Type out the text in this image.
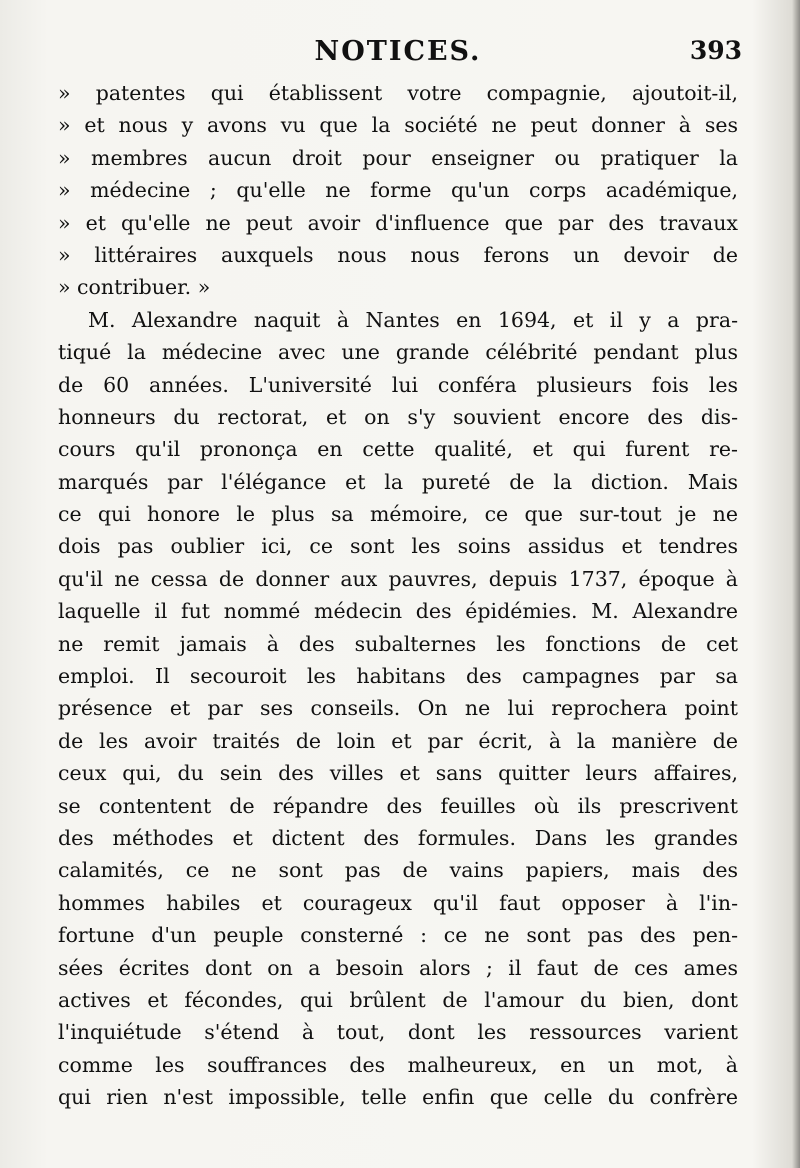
NOTICES.	393
» patentes qui établissent votre compagnie, ajoutoit-il,
» et nous y avons vu que la société ne peut donner à ses
» membres aucun droit pour enseigner ou pratiquer la
» médecine ; qu'elle ne forme qu'un corps académique,
» et qu'elle ne peut avoir d'influence que par des travaux
» littéraires auxquels nous nous ferons un devoir de
» contribuer. »
M. Alexandre naquit à Nantes en 1694, et il y a pra-
tiqué la médecine avec une grande célébrité pendant plus
de 60 années. L'université lui conféra plusieurs fois les
honneurs du rectorat, et on s'y souvient encore des dis-
cours qu'il prononça en cette qualité, et qui furent re-
marqués par l'élégance et la pureté de la diction. Mais
ce qui honore le plus sa mémoire, ce que sur-tout je ne
dois pas oublier ici, ce sont les soins assidus et tendres
qu'il ne cessa de donner aux pauvres, depuis 1737, époque à
laquelle il fut nommé médecin des épidémies. M. Alexandre
ne remit jamais à des subalternes les fonctions de cet
emploi. Il secouroit les habitans des campagnes par sa
présence et par ses conseils. On ne lui reprochera point
de les avoir traités de loin et par écrit, à la manière de
ceux qui, du sein des villes et sans quitter leurs affaires,
se contentent de répandre des feuilles où ils prescrivent
des méthodes et dictent des formules. Dans les grandes
calamités, ce ne sont pas de vains papiers, mais des
hommes habiles et courageux qu'il faut opposer à l'in-
fortune d'un peuple consterné : ce ne sont pas des pen-
sées écrites dont on a besoin alors ; il faut de ces ames
actives et fécondes, qui brûlent de l'amour du bien, dont
l'inquiétude s'étend à tout, dont les ressources varient
comme les souffrances des malheureux, en un mot, à
qui rien n'est impossible, telle enfin que celle du confrère
